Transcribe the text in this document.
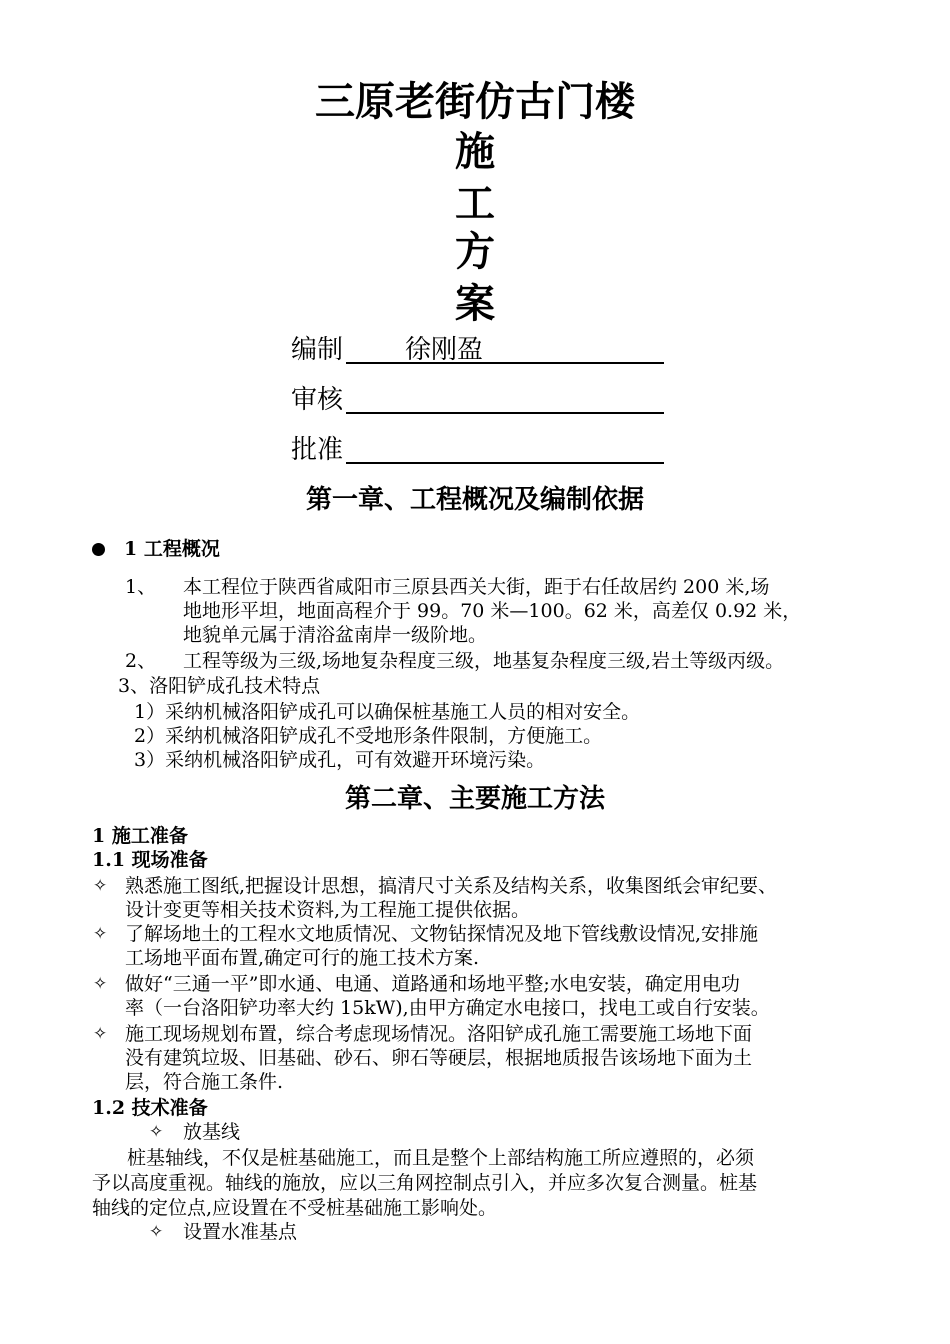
三原老街仿古门楼
施
工
方
案
编制 徐刚盈
审核
批准
第一章、工程概况及编制依据
1 工程概况
1、 本工程位于陕西省咸阳市三原县西关大街，距于右任故居约 200 米,场
地地形平坦，地面高程介于 99。70 米—100。62 米，高差仅 0.92 米，
地貌单元属于清浴盆南岸一级阶地。
2、 工程等级为三级,场地复杂程度三级，地基复杂程度三级,岩土等级丙级。
3、洛阳铲成孔技术特点
1）采纳机械洛阳铲成孔可以确保桩基施工人员的相对安全。
2）采纳机械洛阳铲成孔不受地形条件限制，方便施工。
3）采纳机械洛阳铲成孔，可有效避开环境污染。
第二章、主要施工方法
1 施工准备
1.1 现场准备
✧ 熟悉施工图纸,把握设计思想，搞清尺寸关系及结构关系，收集图纸会审纪要、
设计变更等相关技术资料,为工程施工提供依据。
✧ 了解场地土的工程水文地质情况、文物钻探情况及地下管线敷设情况,安排施
工场地平面布置,确定可行的施工技术方案.
✧ 做好“三通一平”即水通、电通、道路通和场地平整;水电安装，确定用电功
率（一台洛阳铲功率大约 15kW),由甲方确定水电接口，找电工或自行安装。
✧ 施工现场规划布置，综合考虑现场情况。洛阳铲成孔施工需要施工场地下面
没有建筑垃圾、旧基础、砂石、卵石等硬层，根据地质报告该场地下面为土
层，符合施工条件.
1.2 技术准备
✧ 放基线
桩基轴线，不仅是桩基础施工，而且是整个上部结构施工所应遵照的，必须
予以高度重视。轴线的施放，应以三角网控制点引入，并应多次复合测量。桩基
轴线的定位点,应设置在不受桩基础施工影响处。
✧ 设置水准基点
